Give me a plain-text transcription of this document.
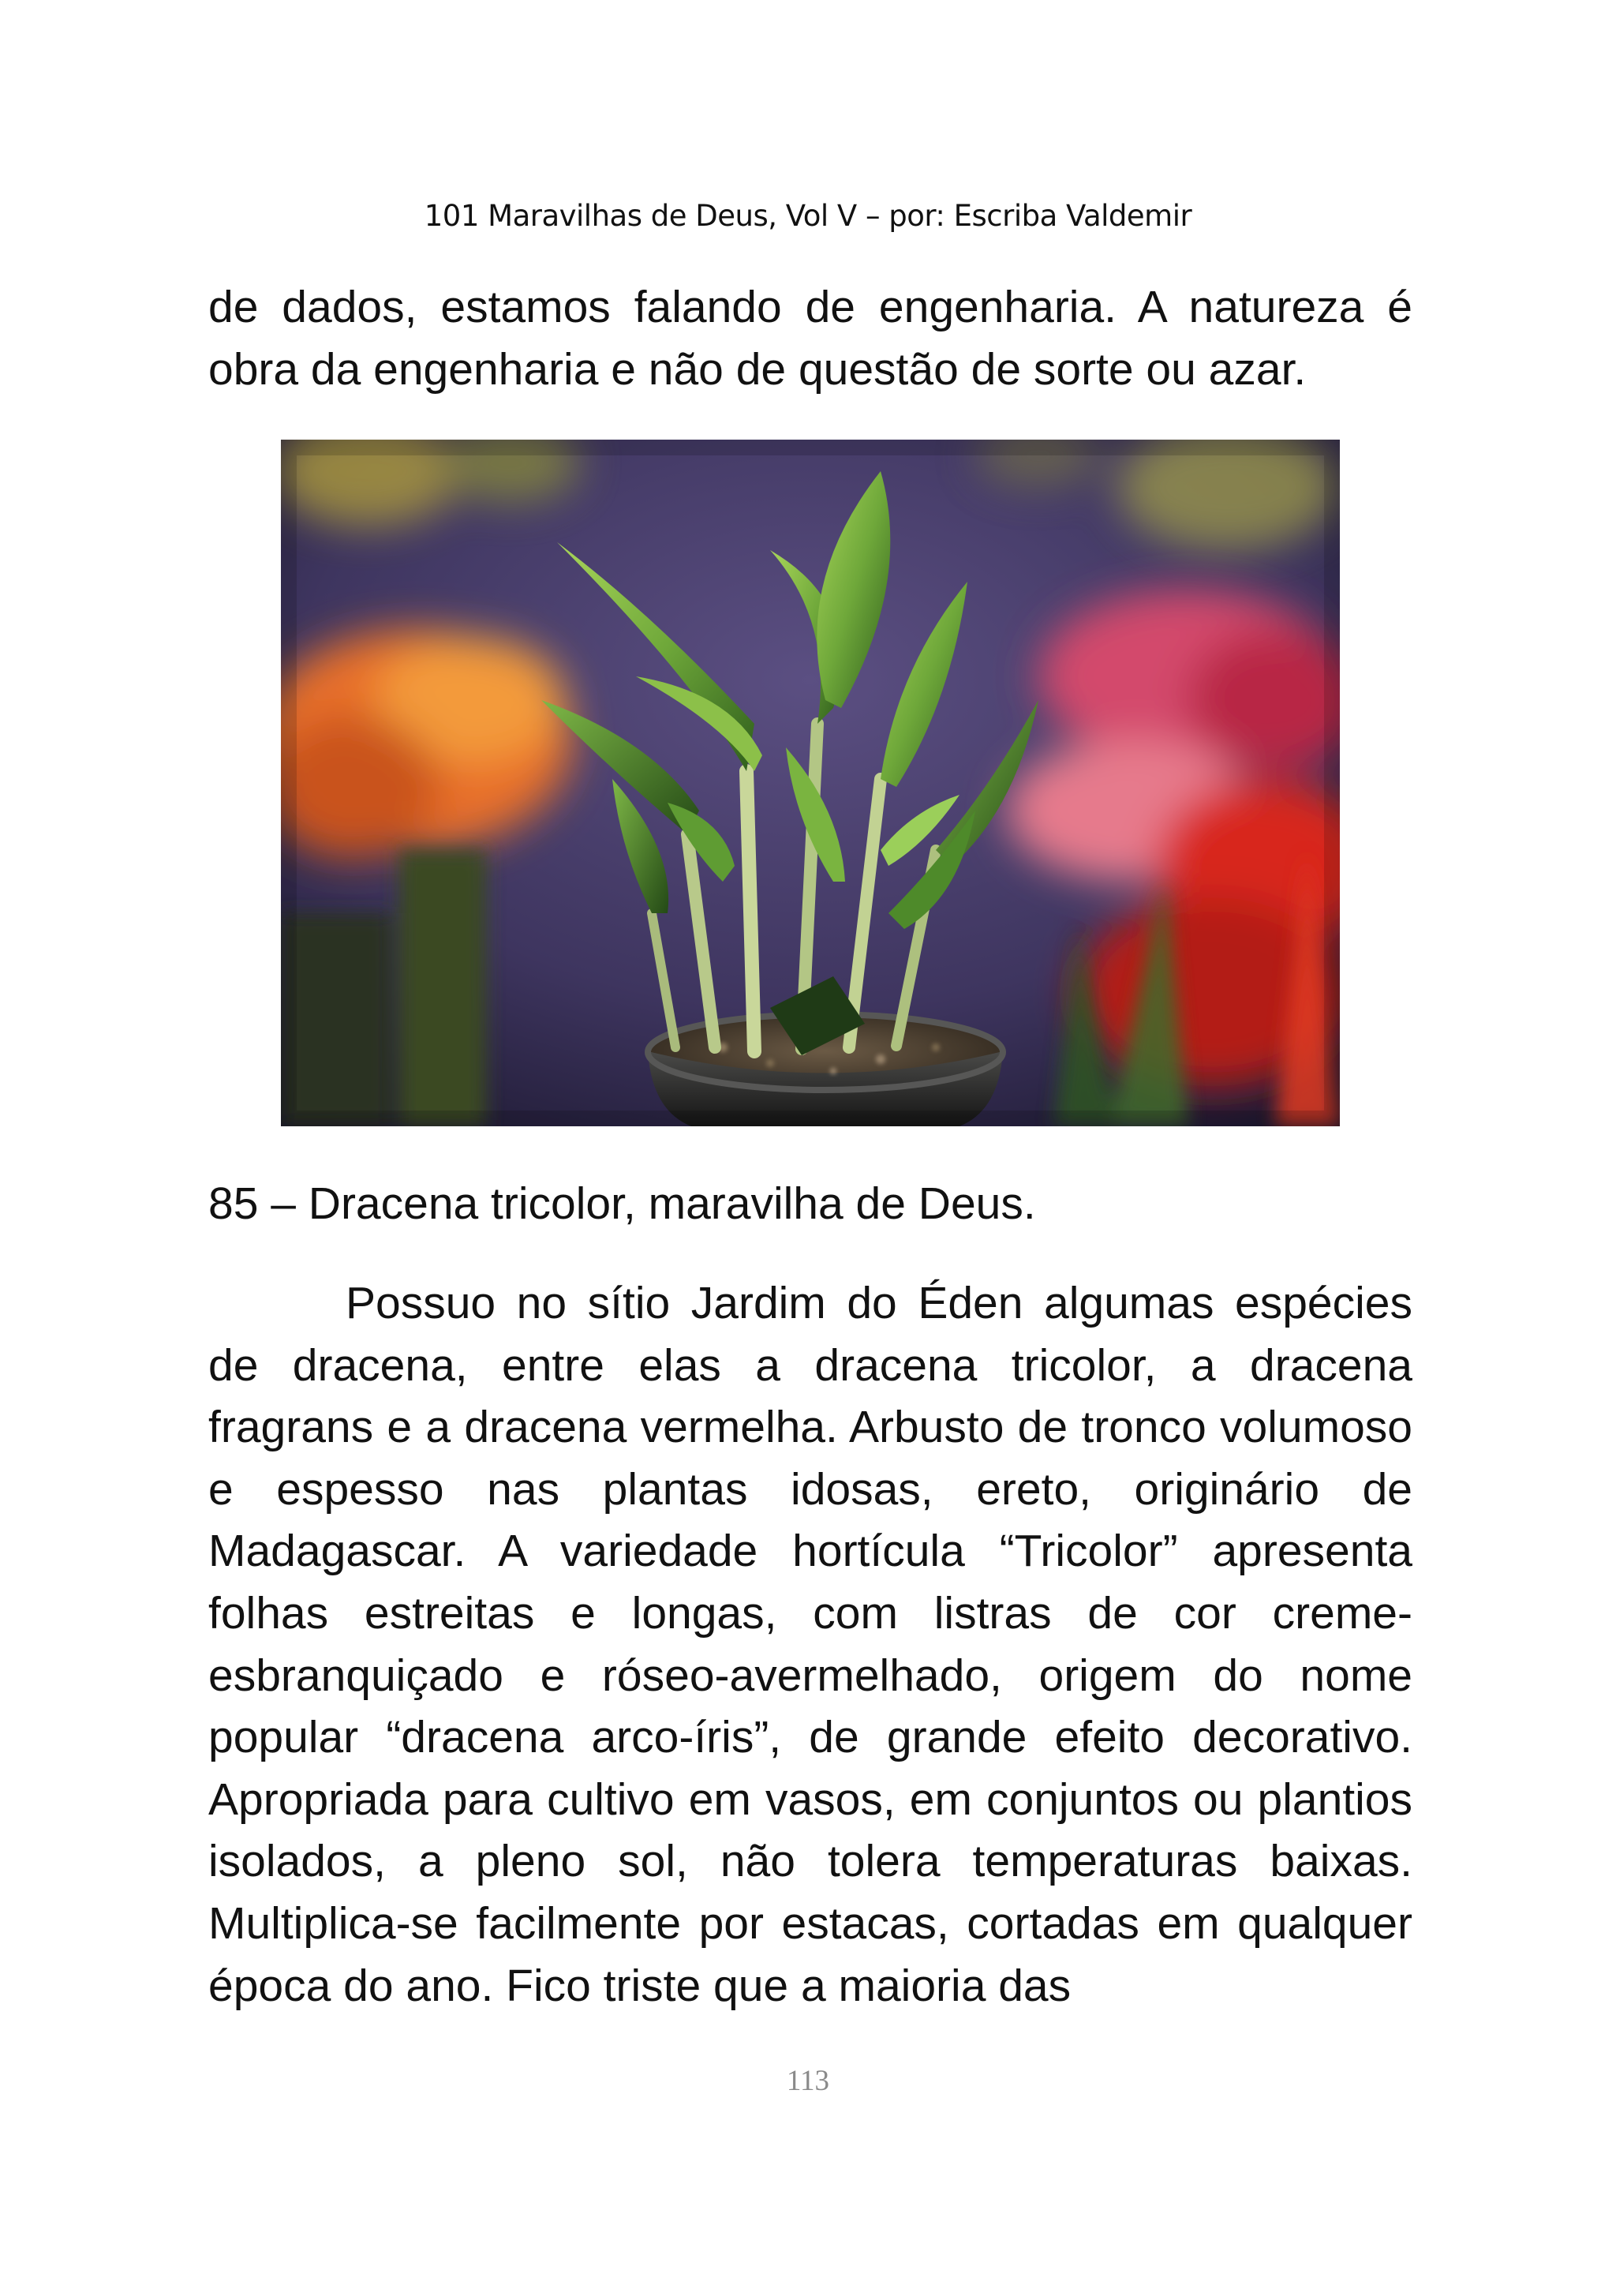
101 Maravilhas de Deus, Vol V – por: Escriba Valdemir
de dados, estamos falando de engenharia. A natureza é obra da engenharia e não de questão de sorte ou azar.
85 – Dracena tricolor, maravilha de Deus.
Possuo no sítio Jardim do Éden algumas espécies de dracena, entre elas a dracena tricolor, a dracena fragrans e a dracena vermelha. Arbusto de tronco volumoso e espesso nas plantas idosas, ereto, originário de Madagascar. A variedade hortícula “Tricolor” apresenta folhas estreitas e longas, com listras de cor creme-esbranquiçado e róseo-avermelhado, origem do nome popular “dracena arco-íris”, de grande efeito decorativo. Apropriada para cultivo em vasos, em conjuntos ou plantios isolados, a pleno sol, não tolera temperaturas baixas. Multiplica-se facilmente por estacas, cortadas em qualquer época do ano. Fico triste que a maioria das
113
